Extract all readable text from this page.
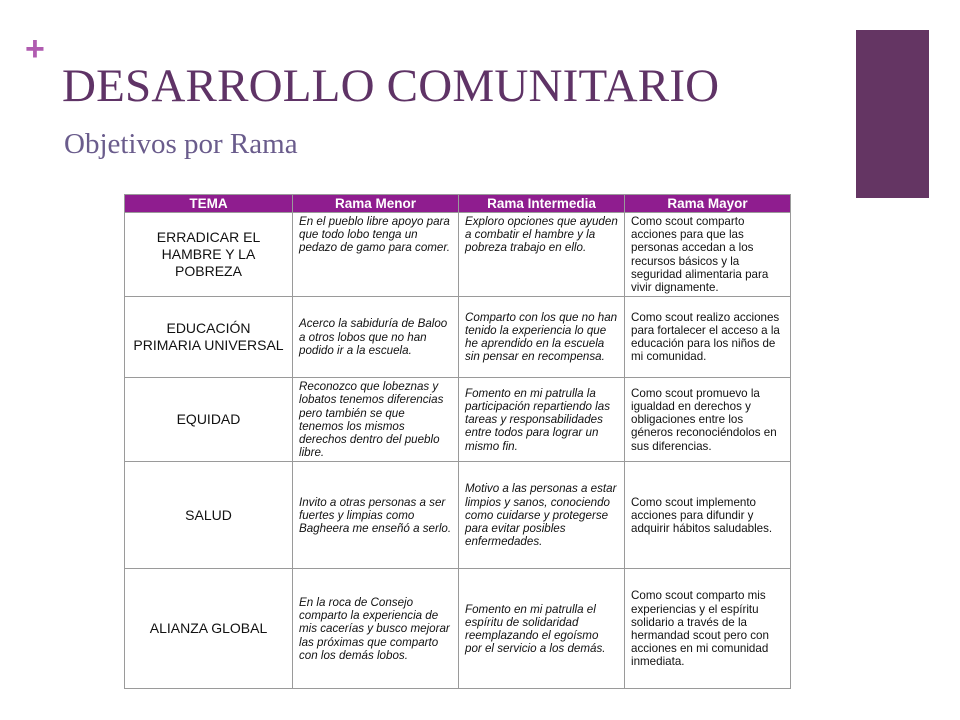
+
DESARROLLO COMUNITARIO
Objetivos por Rama
TEMA	Rama Menor	Rama Intermedia	Rama Mayor
ERRADICAR EL HAMBRE Y LA POBREZA	En el pueblo libre apoyo para que todo lobo tenga un pedazo de gamo para comer.	Exploro opciones que ayuden a combatir el hambre y la pobreza trabajo en ello.	Como scout comparto acciones para que las personas accedan a los recursos básicos y la seguridad alimentaria para vivir dignamente.
EDUCACIÓN PRIMARIA UNIVERSAL	Acerco la sabiduría de Baloo a otros lobos que no han podido ir a la escuela.	Comparto con los que no han tenido la experiencia lo que he aprendido en la escuela sin pensar en recompensa.	Como scout realizo acciones para fortalecer el acceso a la educación para los niños de mi comunidad.
EQUIDAD	Reconozco que lobeznas y lobatos tenemos diferencias pero también se que tenemos los mismos derechos dentro del pueblo libre.	Fomento en mi patrulla la participación repartiendo las tareas y responsabilidades entre todos para lograr un mismo fin.	Como scout promuevo la igualdad en derechos y obligaciones entre los géneros reconociéndolos en sus diferencias.
SALUD	Invito a otras personas a ser fuertes y limpias como Bagheera me enseñó a serlo.	Motivo a las personas a estar limpios y sanos, conociendo como cuidarse y protegerse para evitar posibles enfermedades.	Como scout implemento acciones para difundir y adquirir hábitos saludables.
ALIANZA GLOBAL	En la roca de Consejo comparto la experiencia de mis cacerías y busco mejorar las próximas que comparto con los demás lobos.	Fomento en mi patrulla el espíritu de solidaridad reemplazando el egoísmo por el servicio a los demás.	Como scout comparto mis experiencias y el espíritu solidario a través de la hermandad scout pero con acciones en mi comunidad inmediata.
